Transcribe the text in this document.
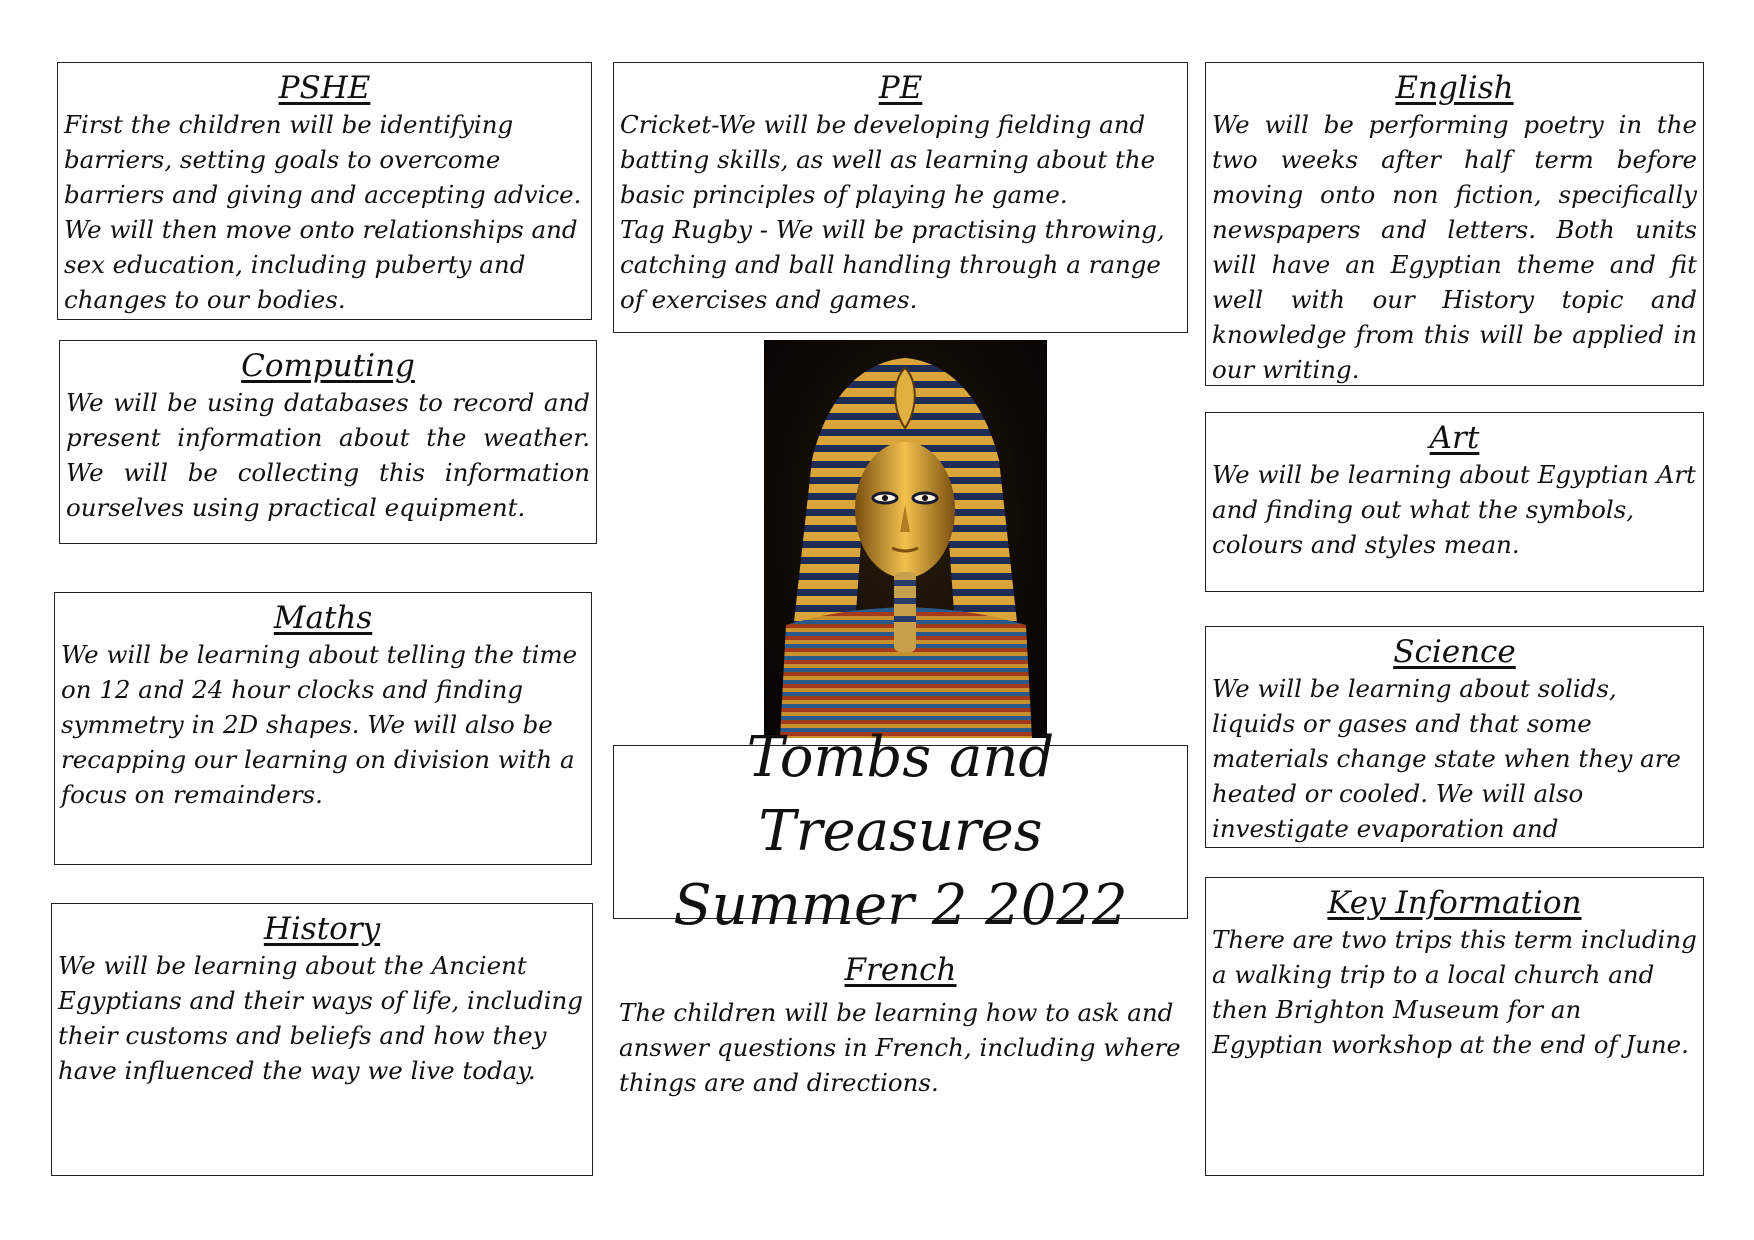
PSHE

First the children will be identifying barriers, setting goals to overcome barriers and giving and accepting advice. We will then move onto relationships and sex education, including puberty and changes to our bodies.

Computing

We will be using databases to record and present information about the weather. We will be collecting this information ourselves using practical equipment.

Maths

We will be learning about telling the time on 12 and 24 hour clocks and finding symmetry in 2D shapes. We will also be recapping our learning on division with a focus on remainders.

History

We will be learning about the Ancient Egyptians and their ways of life, including their customs and beliefs and how they have influenced the way we live today.

PE

Cricket-We will be developing fielding and batting skills, as well as learning about the basic principles of playing he game.
Tag Rugby - We will be practising throwing, catching and ball handling through a range of exercises and games.

Tombs and Treasures
Summer 2 2022
French

The children will be learning how to ask and answer questions in French, including where things are and directions.

English

We will be performing poetry in the two weeks after half term before moving onto non fiction, specifically newspapers and letters. Both units will have an Egyptian theme and fit well with our History topic and knowledge from this will be applied in our writing.

Art

We will be learning about Egyptian Art and finding out what the symbols, colours and styles mean.

Science

We will be learning about solids, liquids or gases and that some materials change state when they are heated or cooled. We will also investigate evaporation and

Key Information

There are two trips this term including a walking trip to a local church and then Brighton Museum for an Egyptian workshop at the end of June.
